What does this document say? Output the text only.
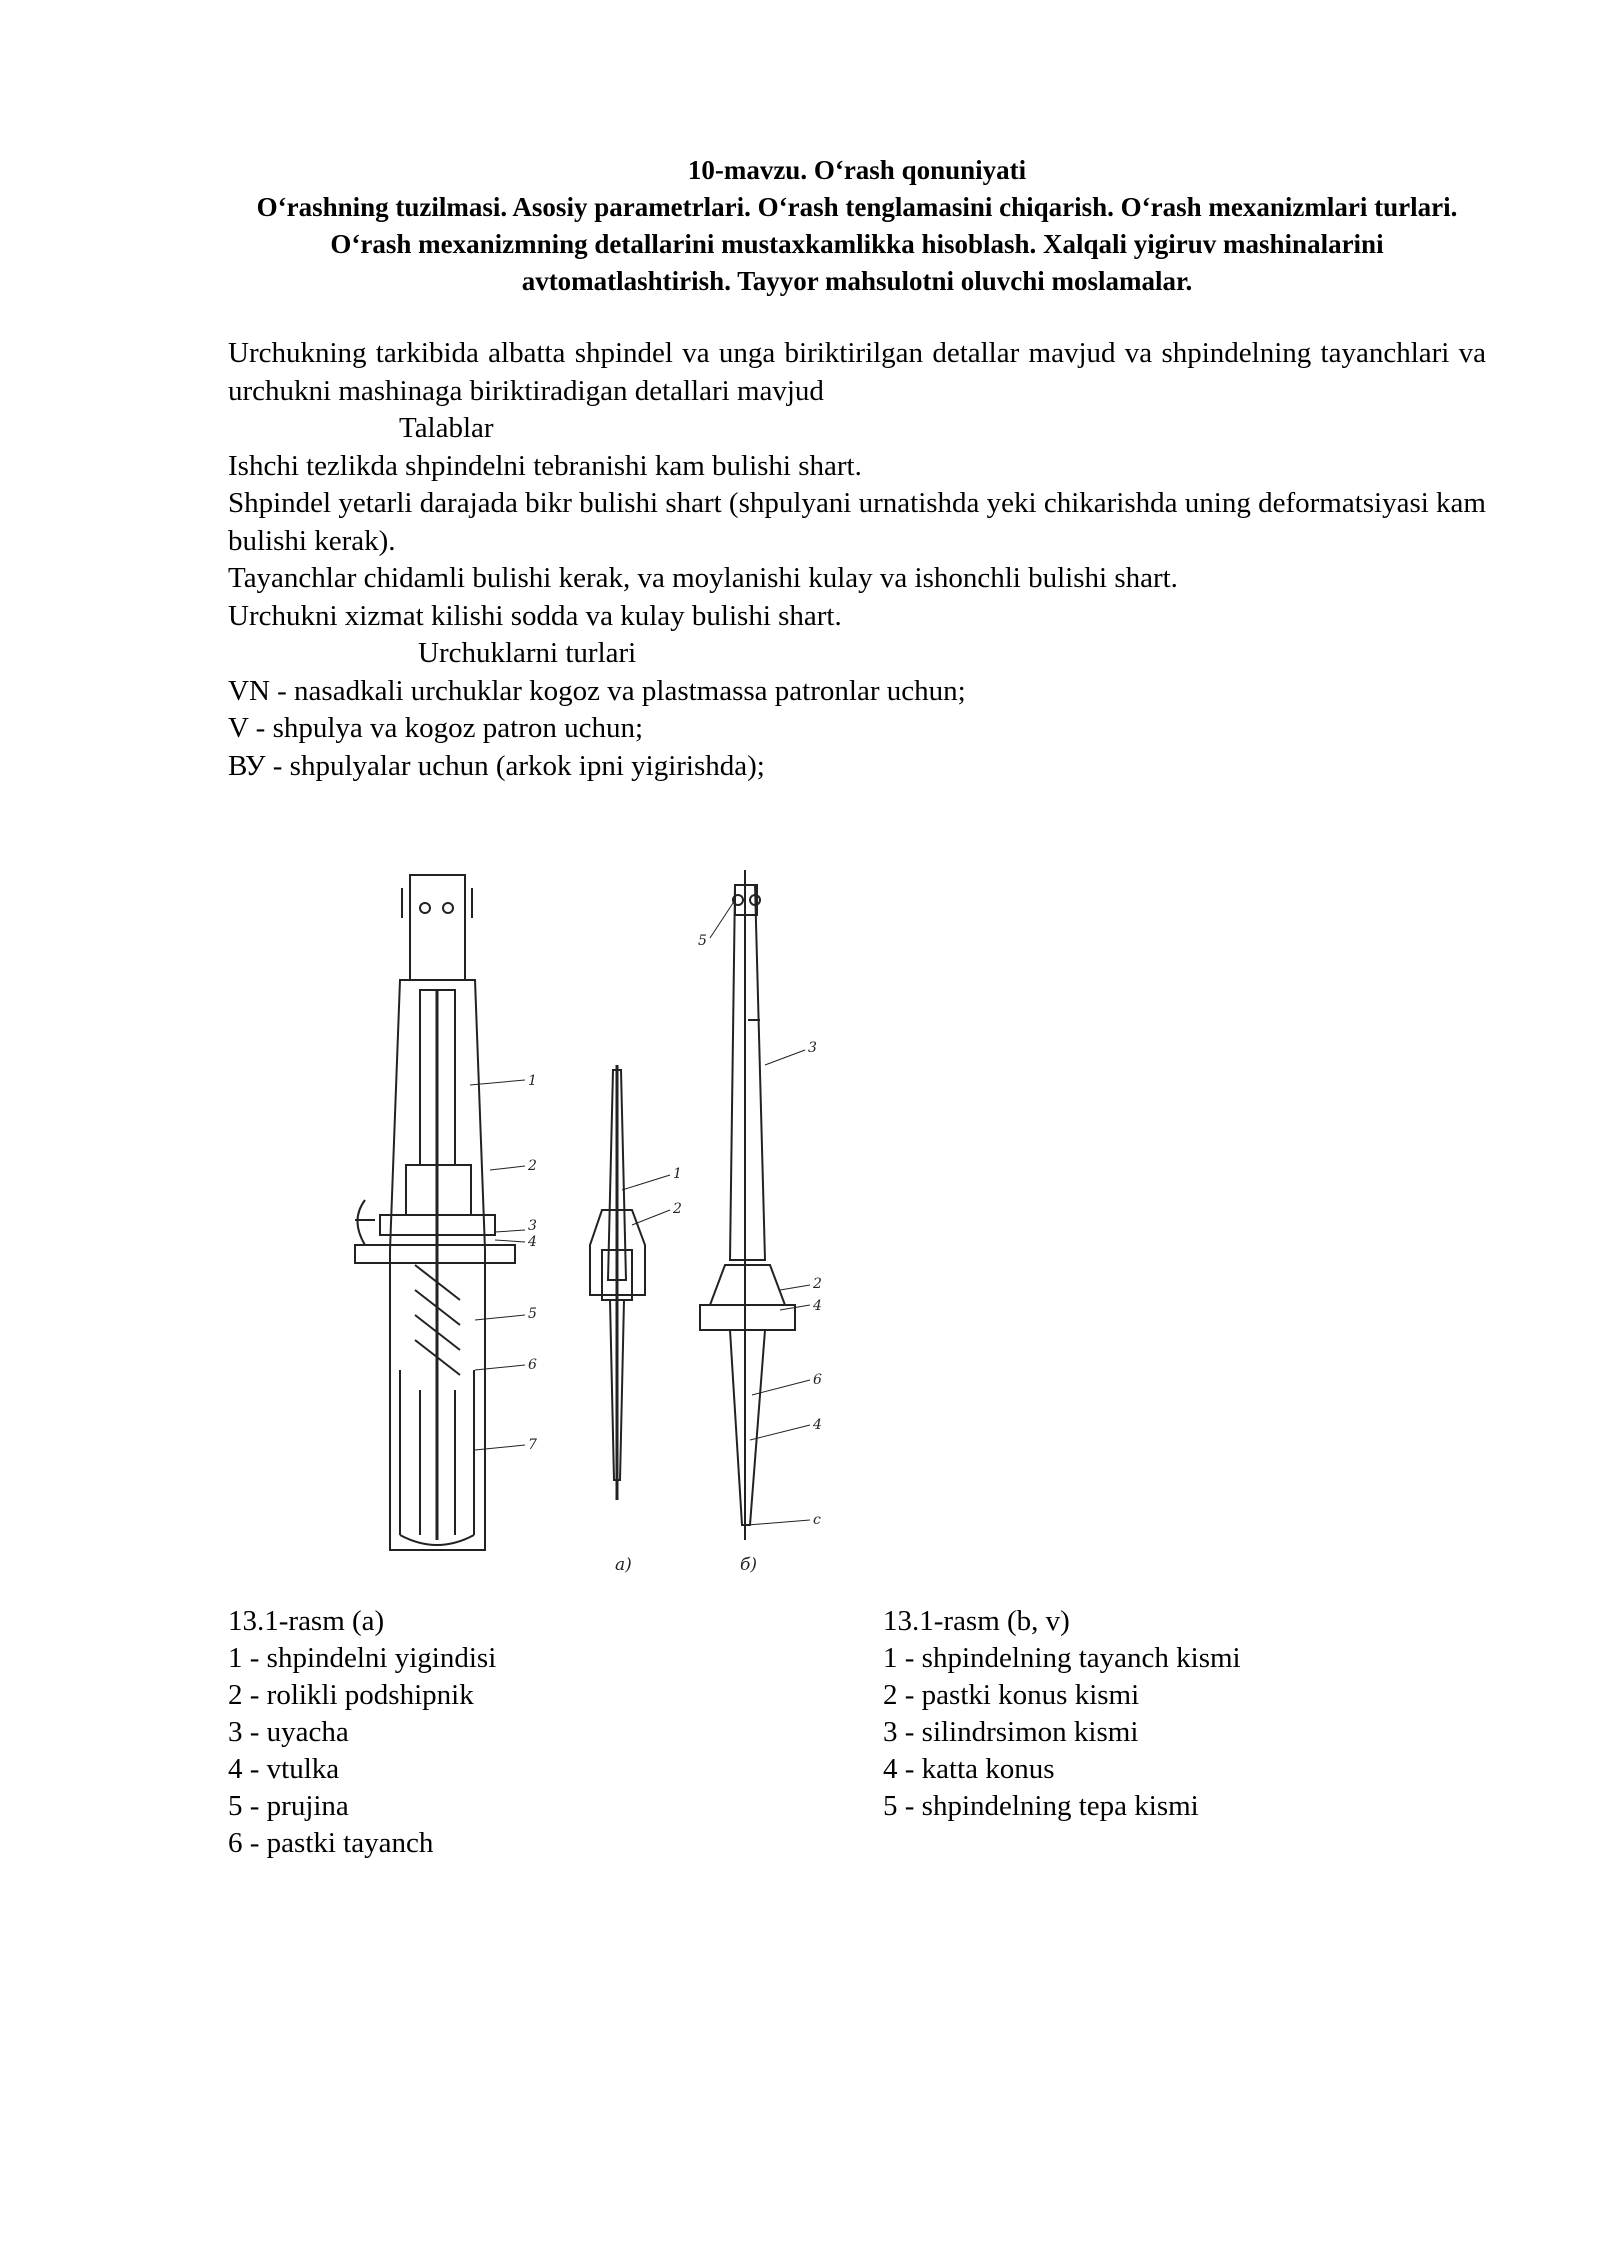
10-mavzu. O‘rash qonuniyati
O‘rashning tuzilmasi. Asosiy parametrlari. O‘rash tenglamasini chiqarish. O‘rash mexanizmlari turlari. O‘rash mexanizmning detallarini mustaxkamlikka hisoblash. Xalqali yigiruv mashinalarini avtomatlashtirish. Tayyor mahsulotni oluvchi moslamalar.

Urchukning tarkibida albatta shpindel va unga biriktirilgan detallar mavjud va shpindelning tayanchlari va urchukni mashinaga biriktiradigan detallari mavjud

Talablar

Ishchi tezlikda shpindelni tebranishi kam bulishi shart.

Shpindel yetarli darajada bikr bulishi shart (shpulyani urnatishda yeki chikarishda uning deformatsiyasi kam bulishi kerak).

Tayanchlar chidamli bulishi kerak, va moylanishi kulay va ishonchli bulishi shart.

Urchukni xizmat kilishi sodda va kulay bulishi shart.

Urchuklarni turlari

VN - nasadkali urchuklar kogoz va plastmassa patronlar uchun;

V - shpulya va kogoz patron uchun;

ВУ - shpulyalar uchun (arkok ipni yigirishda);

1
2
3
4
5
6
7
1
2
5
3
2
4
6
4
c
a)	б)

13.1-rasm (a)

1 - shpindelni yigindisi

2 - rolikli podshipnik

3 - uyacha

4 - vtulka

5 - prujina

6 - pastki tayanch

13.1-rasm (b, v)

1 - shpindelning tayanch kismi

2 - pastki konus kismi

3 - silindrsimon kismi

4 - katta konus

5 - shpindelning tepa kismi
